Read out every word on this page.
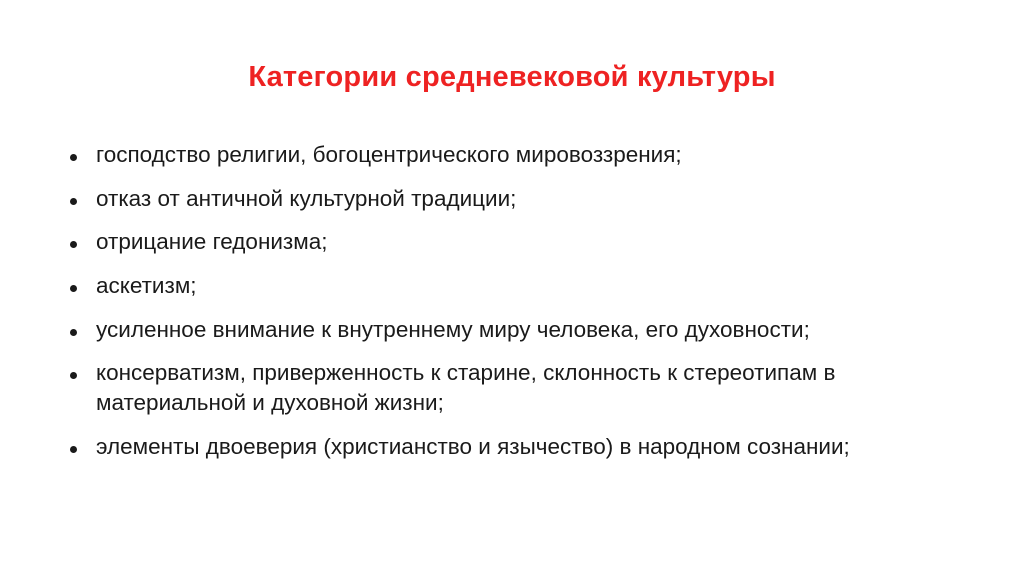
Категории средневековой культуры
господство религии, богоцентрического мировоззрения;
отказ от античной культурной традиции;
отрицание гедонизма;
аскетизм;
усиленное внимание к внутреннему миру человека, его духовности;
консерватизм, приверженность к старине, склонность к стереотипам в материальной и духовной жизни;
элементы двоеверия (христианство и язычество) в народном сознании;
